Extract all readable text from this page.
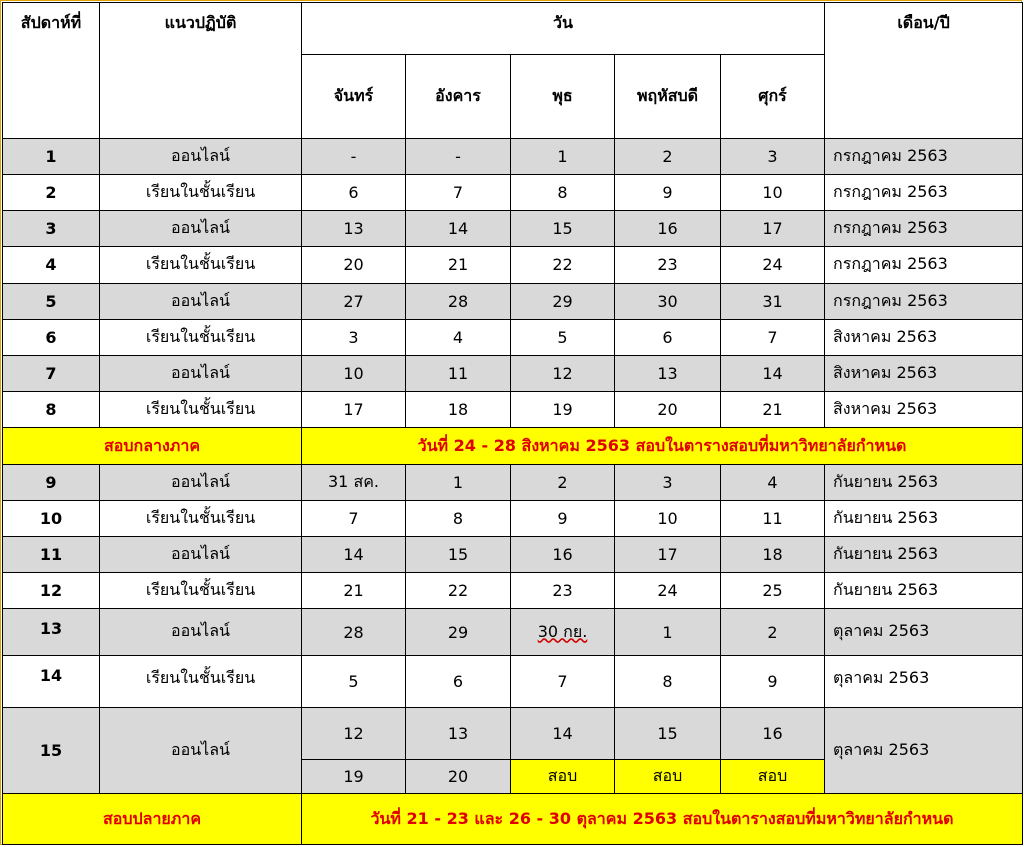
สัปดาห์ที่	แนวปฏิบัติ	วัน					เดือน/ปี
		จันทร์	อังคาร	พุธ	พฤหัสบดี	ศุกร์	
1	ออนไลน์	-	-	1	2	3	กรกฎาคม 2563
2	เรียนในชั้นเรียน	6	7	8	9	10	กรกฎาคม 2563
3	ออนไลน์	13	14	15	16	17	กรกฎาคม 2563
4	เรียนในชั้นเรียน	20	21	22	23	24	กรกฎาคม 2563
5	ออนไลน์	27	28	29	30	31	กรกฎาคม 2563
6	เรียนในชั้นเรียน	3	4	5	6	7	สิงหาคม 2563
7	ออนไลน์	10	11	12	13	14	สิงหาคม 2563
8	เรียนในชั้นเรียน	17	18	19	20	21	สิงหาคม 2563
สอบกลางภาค		วันที่ 24 - 28 สิงหาคม 2563 สอบในตารางสอบที่มหาวิทยาลัยกำหนด					
9	ออนไลน์	31 สค.	1	2	3	4	กันยายน 2563
10	เรียนในชั้นเรียน	7	8	9	10	11	กันยายน 2563
11	ออนไลน์	14	15	16	17	18	กันยายน 2563
12	เรียนในชั้นเรียน	21	22	23	24	25	กันยายน 2563
13	ออนไลน์	28	29	30 กย.	1	2	ตุลาคม 2563
14	เรียนในชั้นเรียน	5	6	7	8	9	ตุลาคม 2563
15	ออนไลน์	12	13	14	15	16	ตุลาคม 2563
		19	20	สอบ	สอบ	สอบ	
สอบปลายภาค		วันที่ 21 - 23 และ 26 - 30 ตุลาคม 2563 สอบในตารางสอบที่มหาวิทยาลัยกำหนด					
